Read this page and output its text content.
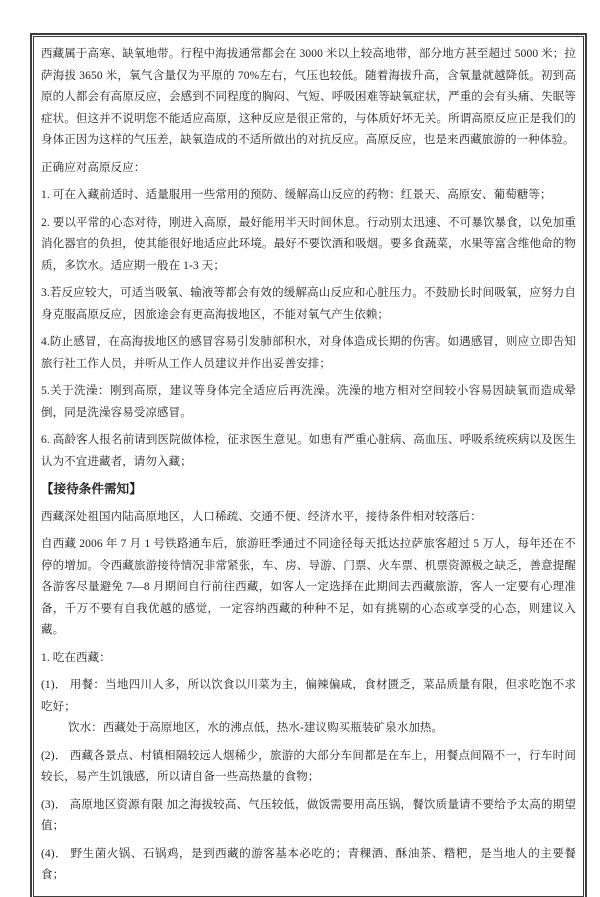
西藏属于高寒、缺氧地带。行程中海拔通常都会在 3000 米以上较高地带，部分地方甚至超过 5000 米；拉萨海拔 3650 米，氧气含量仅为平原的 70%左右，气压也较低。随着海拔升高，含氧量就越降低。初到高原的人都会有高原反应，会感到不同程度的胸闷、气短、呼吸困难等缺氧症状，严重的会有头痛、失眠等症状。但这并不说明您不能适应高原，这种反应是很正常的，与体质好坏无关。所谓高原反应正是我们的身体正因为这样的气压差，缺氧造成的不适所做出的对抗反应。高原反应，也是来西藏旅游的一种体验。

正确应对高原反应：

1. 可在入藏前适时、适量服用一些常用的预防、缓解高山反应的药物：红景天、高原安、葡萄糖等；

2. 要以平常的心态对待，刚进入高原，最好能用半天时间休息。行动别太迅速、不可暴饮暴食，以免加重消化器官的负担，使其能很好地适应此环境。最好不要饮酒和吸烟。要多食蔬菜，水果等富含维他命的物质，多饮水。适应期一般在 1-3 天；

3.若反应较大，可适当吸氧、输液等都会有效的缓解高山反应和心脏压力。不鼓励长时间吸氧，应努力自身克服高原反应，因旅途会有更高海拔地区，不能对氧气产生依赖；

4.防止感冒，在高海拔地区的感冒容易引发肺部积水，对身体造成长期的伤害。如遇感冒，则应立即告知旅行社工作人员，并听从工作人员建议并作出妥善安排；

5.关于洗澡：刚到高原，建议等身体完全适应后再洗澡。洗澡的地方相对空间较小容易因缺氧而造成晕倒，同是洗澡容易受凉感冒。

6. 高龄客人报名前请到医院做体检，征求医生意见。如患有严重心脏病、高血压、呼吸系统疾病以及医生认为不宜进藏者，请勿入藏；

【接待条件需知】

西藏深处祖国内陆高原地区，人口稀疏、交通不便、经济水平，接待条件相对较落后：

自西藏 2006 年 7 月 1 号铁路通车后，旅游旺季通过不同途径每天抵达拉萨旅客超过 5 万人，每年还在不停的增加。令西藏旅游接待情况非常紧张，车、房、导游、门票、火车票、机票资源极之缺乏，善意提醒各游客尽量避免 7—8 月期间自行前往西藏，如客人一定选择在此期间去西藏旅游，客人一定要有心理准备，千万不要有自我优越的感觉，一定容纳西藏的种种不足，如有挑剔的心态或享受的心态，则建议入藏。

1. 吃在西藏：

(1)． 用餐：当地四川人多，所以饮食以川菜为主，偏辣偏咸，食材匮乏，菜品质量有限，但求吃饱不求吃好；
饮水：西藏处于高原地区，水的沸点低，热水-建议购买瓶装矿泉水加热。

(2)． 西藏各景点、村镇相隔较远人烟稀少，旅游的大部分车间都是在车上，用餐点间隔不一，行车时间较长，易产生饥饿感，所以请自备一些高热量的食物；

(3)． 高原地区资源有限 加之海拔较高、气压较低，做饭需要用高压锅，餐饮质量请不要给予太高的期望值；

(4)． 野生菌火锅、石锅鸡，是到西藏的游客基本必吃的；青稞酒、酥油茶、糌粑，是当地人的主要餐食；
